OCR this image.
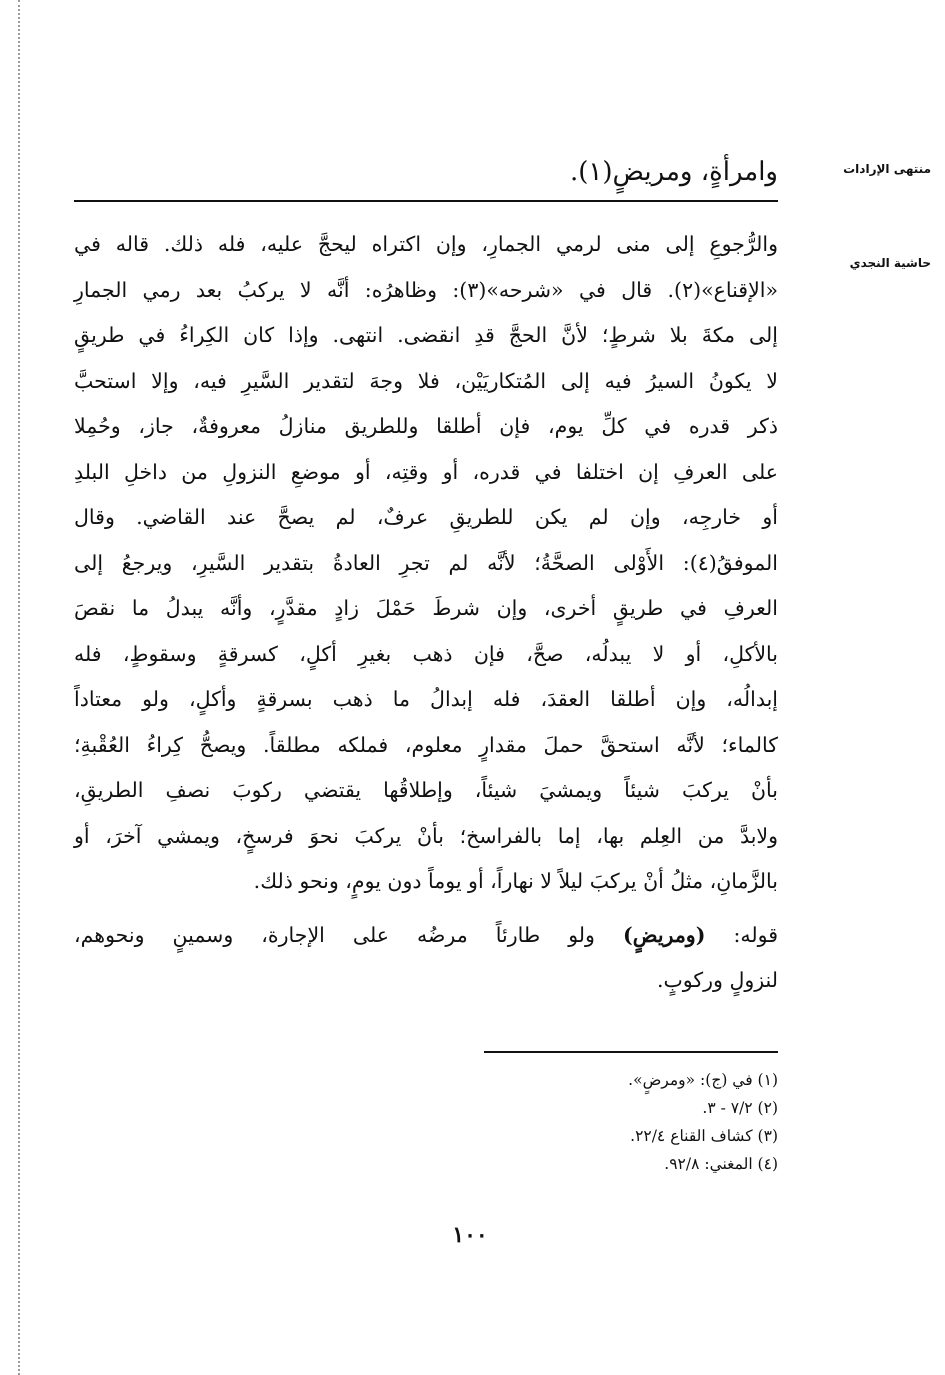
منتهى الإرادات
حاشية النجدي
وامرأةٍ، ومريضٍ(١).
والرُّجوعِ إلى منى لرمي الجمارِ، وإن اكتراه ليحجَّ عليه، فله ذلك. قاله في
«الإقناع»(٢). قال في «شرحه»(٣): وظاهرُه: أنَّه لا يركبُ بعد رمي الجمارِ
إلى مكةَ بلا شرطٍ؛ لأنَّ الحجَّ قدِ انقضى. انتهى. وإذا كان الكِراءُ في طريقٍ
لا يكونُ السيرُ فيه إلى المُتكاريَيْن، فلا وجهَ لتقدير السَّيرِ فيه، وإلا استحبَّ
ذكر قدره في كلِّ يوم، فإن أطلقا وللطريق منازلُ معروفةٌ، جاز، وحُمِلا
على العرفِ إن اختلفا في قدره، أو وقتِه، أو موضعِ النزولِ من داخلِ البلدِ
أو خارجِه، وإن لم يكن للطريقِ عرفٌ، لم يصحَّ عند القاضي. وقال
الموفقُ(٤): الأَوْلى الصحَّةُ؛ لأنَّه لم تجرِ العادةُ بتقدير السَّيرِ، ويرجعُ إلى
العرفِ في طريقٍ أخرى، وإن شرطَ حَمْلَ زادٍ مقدَّرٍ، وأنَّه يبدلُ ما نقصَ
بالأكلِ، أو لا يبدلُه، صحَّ، فإن ذهب بغيرِ أكلٍ، كسرقةٍ وسقوطٍ، فله
إبدالُه، وإن أطلقا العقدَ، فله إبدالُ ما ذهب بسرقةٍ وأكلٍ، ولو معتاداً
كالماء؛ لأنَّه استحقَّ حملَ مقدارٍ معلوم، فملكه مطلقاً. ويصحُّ كِراءُ العُقْبةِ؛
بأنْ يركبَ شيئاً ويمشيَ شيئاً، وإطلاقُها يقتضي ركوبَ نصفِ الطريقِ،
ولابدَّ من العِلم بها، إما بالفراسخ؛ بأنْ يركبَ نحوَ فرسخٍ، ويمشي آخرَ، أو
بالزَّمانِ، مثلُ أنْ يركبَ ليلاً لا نهاراً، أو يوماً دون يومٍ، ونحو ذلك.
قوله: (ومريضٍ) ولو طارئاً مرضُه على الإجارة، وسمينٍ ونحوهم،
لنزولٍ وركوبٍ.
(١) في (ج): «ومرضٍ».
(٢) ٧/٢ - ٣.
(٣) كشاف القناع ٢٢/٤.
(٤) المغني: ٩٢/٨.
١٠٠
